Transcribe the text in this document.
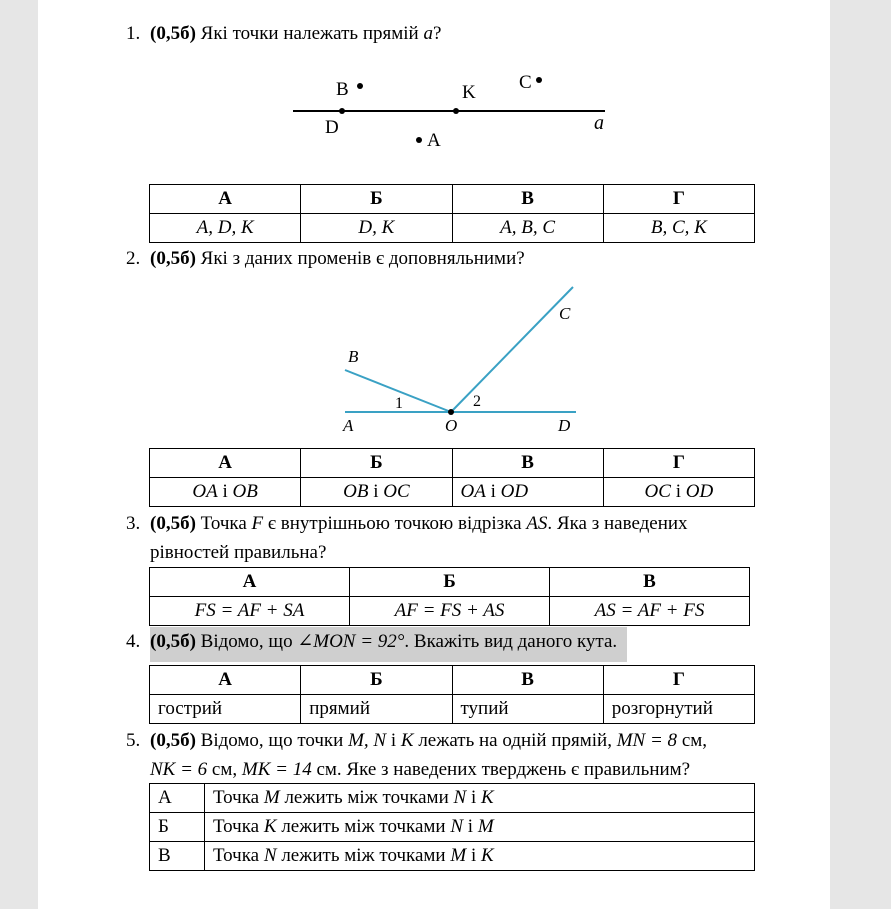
1. (0,5б) Які точки належать прямій a?
B	K C
D
A
a
А	Б	В	Г
A, D, K	D, K	A, B, C	B, C, K
2. (0,5б) Які з даних променів є доповняльними?
B
C
A	O	D
1	2
А	Б	В	Г
OA і OB	OB і OC	OA і OD	OC і OD
3. (0,5б) Точка F є внутрішньою точкою відрізка AS. Яка з наведених
рівностей правильна?
А	Б	В
FS = AF + SA	AF = FS + AS	AS = AF + FS
4. (0,5б) Відомо, що ∠MON = 92°. Вкажіть вид даного кута.
А	Б	В	Г
гострий	прямий	тупий	розгорнутий
5. (0,5б) Відомо, що точки M, N і K лежать на одній прямій, MN = 8 см,
NK = 6 см, MK = 14 см. Яке з наведених тверджень є правильним?
А	Точка M лежить між точками N і K
Б	Точка K лежить між точками N і M
В	Точка N лежить між точками M і K
